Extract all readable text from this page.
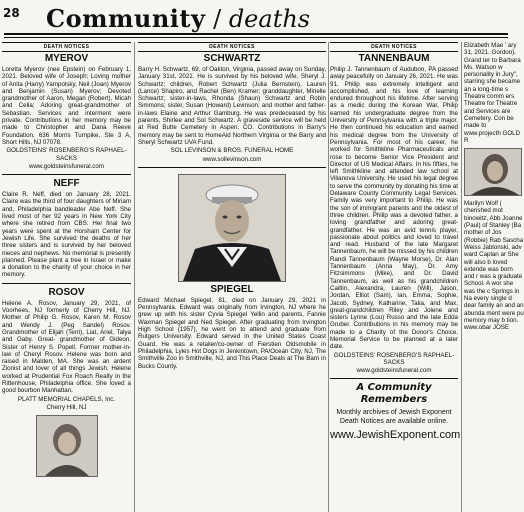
28 Community / deaths
DEATH NOTICES
MYEROV

Loretta Myerov (nee Epstein) on February 1, 2021. Beloved wife of Joseph; Loving mother of Anita (Harry) Yampolsky, Neil (Joan) Myerov and Benjamin (Susan) Myerov; Devoted grandmother of Aaron, Megan (Robert), Micah and Celia; Adoring great-grandmother of Sebastian. Services and interment were private. Contributions in her memory may be made to Christopher and Dana Reeve Foundation, 636 Morris Turnpike, Ste 3 A, Short Hills, NJ 07078.

GOLDSTEINS' ROSENBERG'S RAPHAEL-SACKS

www.goldsteinsfuneral.com

NEFF

Claire R. Neff, died on January 28, 2021. Claire was the third of four daughters of Miriam and, Philadelphia bandleader Abe Neff. She lived most of her 92 years in New York City where she retired from CBS. Her final two years were spent at the Horsham Center for Jewish Life. She survived the deaths of her three sisters and is survived by her beloved nieces and nephews. No memorial is presently planned. Please plant a tree in Israel or make a donation to the charity of your choice in her memory.

ROSOV

Helene A. Rosov, January 29, 2021, of Voorhees, NJ formerly of Cherry Hill, NJ. Mother of Philip G. Rosov, Karen M. Rosov and Wendy J. (Peg Sandel) Rosov. Grandmother of Elijah (Terri), Liat, Ariel, Talya and Gaby. Great- grandmother of Gideon. Sister of Henry S. Popell. Former mother-in-law of Cheryl Rosov. Helene was born and raised in Malden, MA. She was an ardent Zionist and lover of all things Jewish. Helene worked at Prudential Fox Roach Realty in the Rittenhouse, Philadelphia office. She loved a good bourbon Manhattan.

PLATT MEMORIAL CHAPELS, Inc.

Cherry Hill, NJ

DEATH NOTICES
SCHWARTZ

Barry H. Schwartz, 69, of Oakton, Virginia, passed away on Sunday, January 31st, 2021. He is survived by his beloved wife, Sheryl J. Schwartz; children, Robert Schwartz (Julia Bernstein), Lauren (Lance) Shapiro, and Rachel (Ben) Kramer; granddaughter, Mirielle Schwartz; sister-in-laws, Rhonda (Shaun) Schwartz and Robin Simmons; sister, Susan (Howard) Levinson; and mother and father-in-laws Elaine and Arthur Gamburg. He was predeceased by his parents, Shirlee and Sol Schwartz. A graveside service will be held at Red Butte Cemetery in Aspen, CO. Contributions in Barry's memory may be sent to HomeAid Northern Virginia or the Barry and Sheryl Schwartz UVA Fund.

SOL LEVINSON & BROS. FUNERAL HOME

www.sollevinson.com

SPIEGEL

Edward Michael Spiegel, 81, died on January 29, 2021 in Pennsylvania. Edward was originally from Irvington, NJ where he grew up with his sister Cyvia Spiegel Yellin and parents, Fannie Waxman Spiegel and Ned Spiegel. After graduating from Irvington High School (1957), he went on to attend and graduate from Rutgers University. Edward served in the United States Coast Guard. He was a retailer/co-owner of Fierstien Oldsmobile in Philadelphia, Lyles Hot Dogs in Jenkintown, PA/Ocean City, NJ, The Smithville Zoo in Smithville, NJ, and This Place Deals at The Barn in Bucks County.

DEATH NOTICES
TANNENBAUM

Philip J. Tannenbaum of Audubon, PA passed away peacefully on January 26, 2021. He was 91. Philip was extremely intelligent and accomplished, and his love of learning endured throughout his lifetime. After serving as a medic during the Korean War, Philip earned his undergraduate degree from the University of Pennsylvania with a triple major. He then continued his education and earned his medical degree from the University of Pennsylvania. For most of his career, he worked for Smithkline Pharmaceuticals and rose to become Senior Vice President and Director of US Medical Affairs. In his fifties, he left Smithkline and attended law school at Villanova University. He used his legal degree to serve the community by donating his time at Delaware County Community Legal Services. Family was very important to Philip. He was the son of immigrant parents and the oldest of three children. Philip was a devoted father, a loving grandfather and adoring great-grandfather. He was an avid tennis player, passionate about politics and loved to travel and read. Husband of the late Margaret Tannenbaum, he will be missed by his children Randi Tannenbaum (Wayne Morse), Dr. Alan Tannenbaum (Anna May), Dr. Amy Fitzsimmons (Mike), and Dr. David Tannenbaum, as well as his grandchildren Caitlin, Alexandra, Lauren (Will), Jason, Jordan, Elliot (Sam), Ian, Emma, Sophie, Jacob, Sydney, Katharine, Talia, and Max, great-grandchildren Riley and Jolene and sisters Lynne (Lou) Russo and the late Edda Gruber. Contributions in his memory may be made to a Charity of the Donor's Choice. Memorial Service to be planned at a later date.

GOLDSTEINS' ROSENBERG'S RAPHAEL-SACKS

www.goldsteinsfuneral.com

A Community Remembers
Monthly archives of Jewish Exponent Death Notices are available online.
www.JewishExponent.com

Elizabeth Mae ' ary 31, 2021. Gordon). Grand ter to Barbara Ms. Watson w personality in Jury", starring she became an a long-time s Theatre comm ers Theatre for Theatre and Services are Cemetery. Con be made to www.projecth GOLD R

Marilyn Wolf ( cherished mot binowitz, Abb Joanne (Paul) of Stanley (Ba mother of Jos (Robbie) Rab Sascha Weiss Jablonski, adv ward Caplan ar She will also b loved extende was born and r was a graduate School. A wor she was the c Springs in Na every single d dear family an and an abunda ment were pu memory may b tion. www.obar JOSE
